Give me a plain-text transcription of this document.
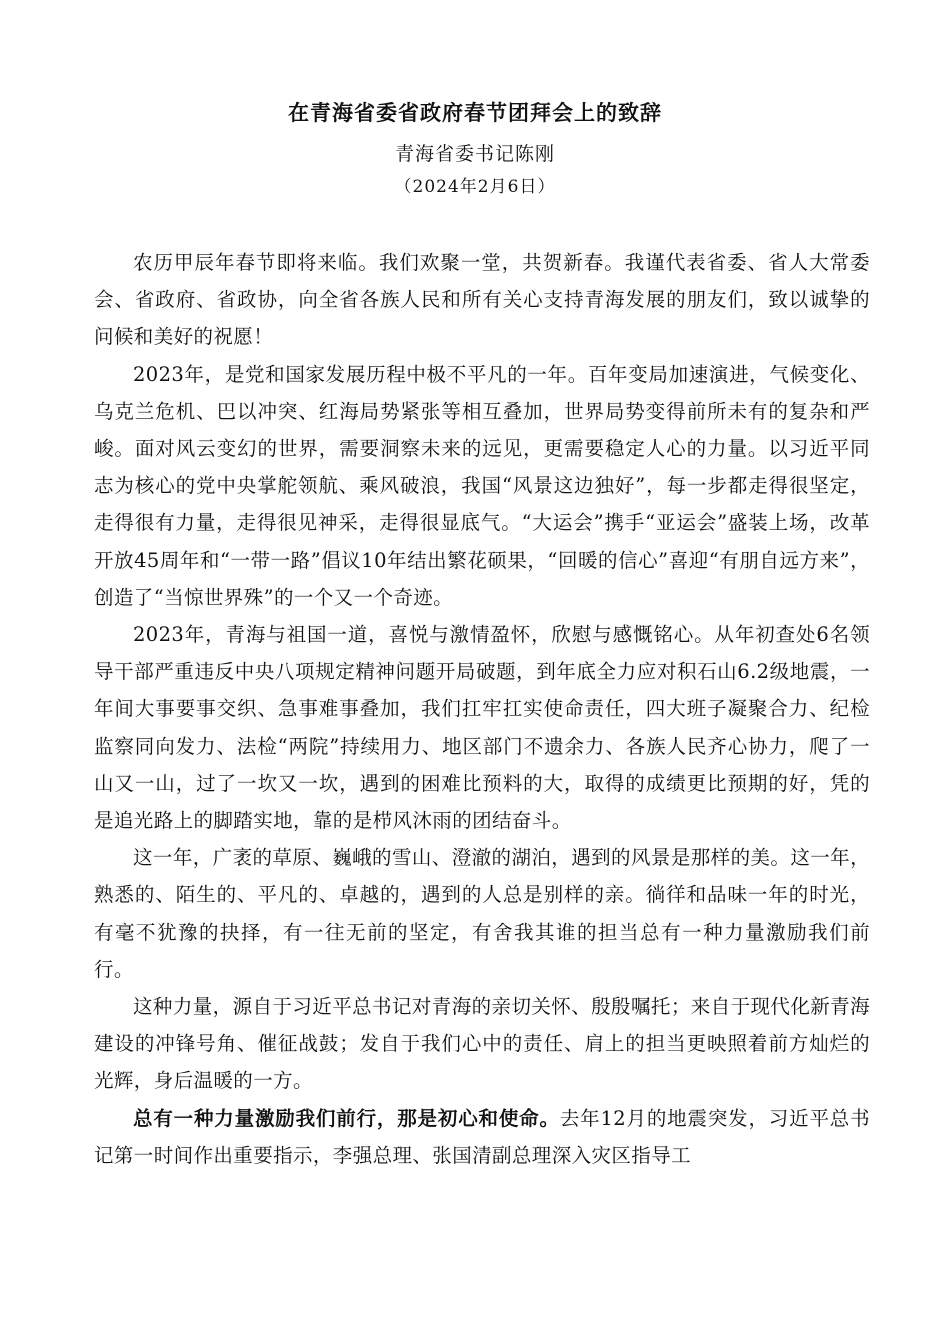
在青海省委省政府春节团拜会上的致辞
青海省委书记陈刚
（2024年2月6日）

农历甲辰年春节即将来临。我们欢聚一堂，共贺新春。我谨代表省委、省人大常委会、省政府、省政协，向全省各族人民和所有关心支持青海发展的朋友们，致以诚挚的问候和美好的祝愿！

2023年，是党和国家发展历程中极不平凡的一年。百年变局加速演进，气候变化、乌克兰危机、巴以冲突、红海局势紧张等相互叠加，世界局势变得前所未有的复杂和严峻。面对风云变幻的世界，需要洞察未来的远见，更需要稳定人心的力量。以习近平同志为核心的党中央掌舵领航、乘风破浪，我国“风景这边独好”，每一步都走得很坚定，走得很有力量，走得很见神采，走得很显底气。“大运会”携手“亚运会”盛装上场，改革开放45周年和“一带一路”倡议10年结出繁花硕果，“回暖的信心”喜迎“有朋自远方来”，创造了“当惊世界殊”的一个又一个奇迹。

2023年，青海与祖国一道，喜悦与激情盈怀，欣慰与感慨铭心。从年初查处6名领导干部严重违反中央八项规定精神问题开局破题，到年底全力应对积石山6.2级地震，一年间大事要事交织、急事难事叠加，我们扛牢扛实使命责任，四大班子凝聚合力、纪检监察同向发力、法检“两院”持续用力、地区部门不遗余力、各族人民齐心协力，爬了一山又一山，过了一坎又一坎，遇到的困难比预料的大，取得的成绩更比预期的好，凭的是追光路上的脚踏实地，靠的是栉风沐雨的团结奋斗。

这一年，广袤的草原、巍峨的雪山、澄澈的湖泊，遇到的风景是那样的美。这一年，熟悉的、陌生的、平凡的、卓越的，遇到的人总是别样的亲。徜徉和品味一年的时光，有毫不犹豫的抉择，有一往无前的坚定，有舍我其谁的担当总有一种力量激励我们前行。

这种力量，源自于习近平总书记对青海的亲切关怀、殷殷嘱托；来自于现代化新青海建设的冲锋号角、催征战鼓；发自于我们心中的责任、肩上的担当更映照着前方灿烂的光辉，身后温暖的一方。

总有一种力量激励我们前行，那是初心和使命。去年12月的地震突发，习近平总书记第一时间作出重要指示，李强总理、张国清副总理深入灾区指导工
